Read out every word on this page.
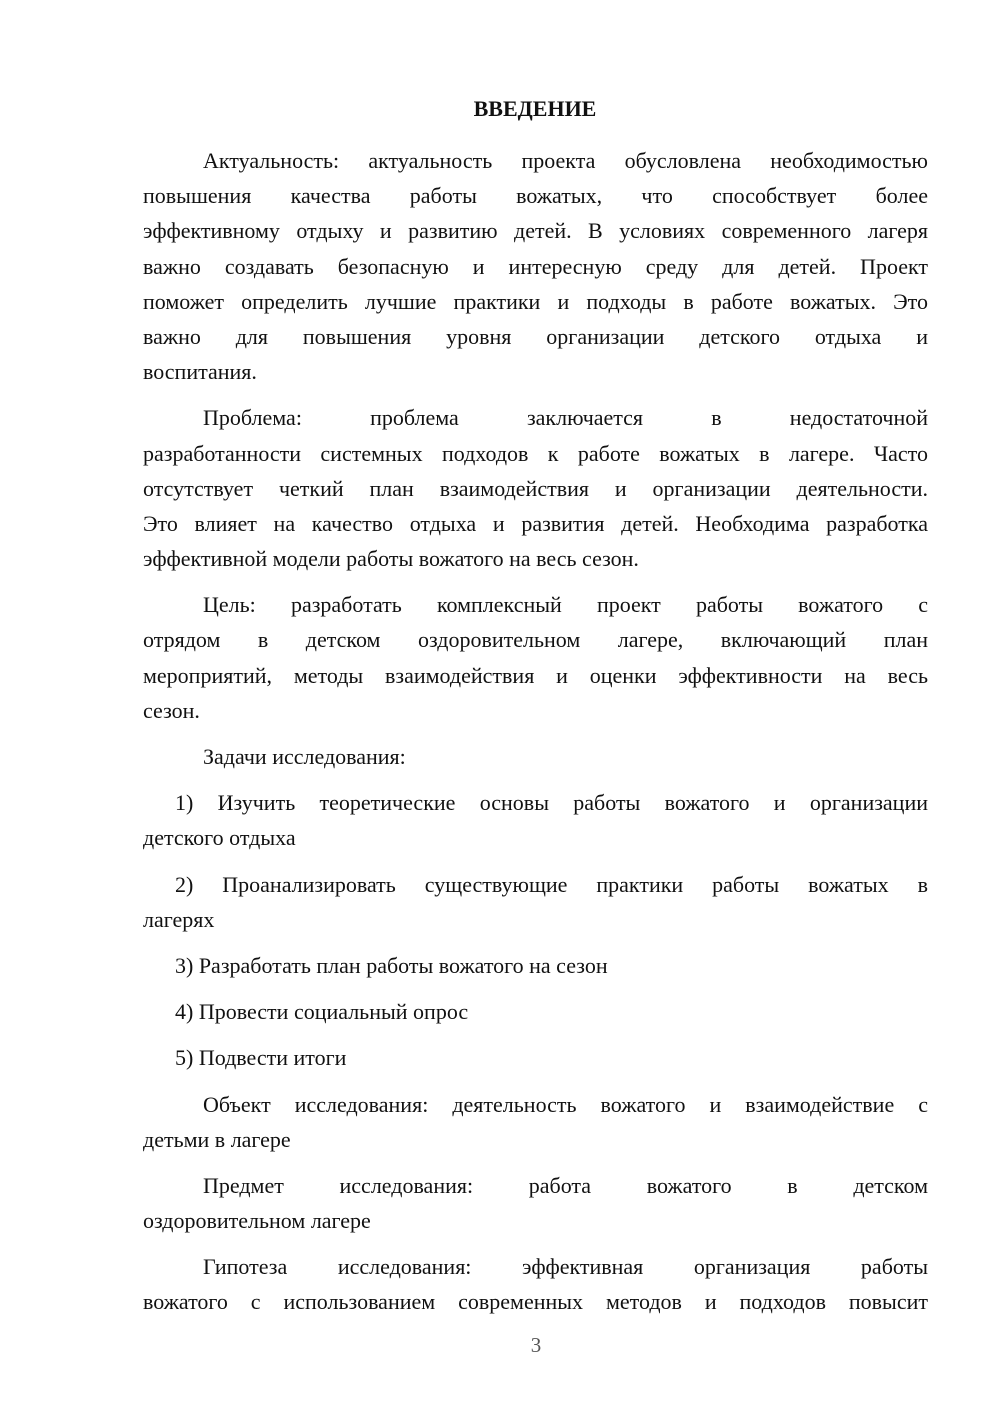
ВВЕДЕНИЕ
Актуальность: актуальность проекта обусловлена необходимостью
повышения качества работы вожатых, что способствует более
эффективному отдыху и развитию детей. В условиях современного лагеря
важно создавать безопасную и интересную среду для детей. Проект
поможет определить лучшие практики и подходы в работе вожатых. Это
важно для повышения уровня организации детского отдыха и
воспитания.
Проблема: проблема заключается в недостаточной
разработанности системных подходов к работе вожатых в лагере. Часто
отсутствует четкий план взаимодействия и организации деятельности.
Это влияет на качество отдыха и развития детей. Необходима разработка
эффективной модели работы вожатого на весь сезон.
Цель: разработать комплексный проект работы вожатого с
отрядом в детском оздоровительном лагере, включающий план
мероприятий, методы взаимодействия и оценки эффективности на весь
сезон.
Задачи исследования:
1) Изучить теоретические основы работы вожатого и организации
детского отдыха
2) Проанализировать существующие практики работы вожатых в
лагерях
3) Разработать план работы вожатого на сезон
4) Провести социальный опрос
5) Подвести итоги
Объект исследования: деятельность вожатого и взаимодействие с
детьми в лагере
Предмет исследования: работа вожатого в детском
оздоровительном лагере
Гипотеза исследования: эффективная организация работы
вожатого с использованием современных методов и подходов повысит
3
